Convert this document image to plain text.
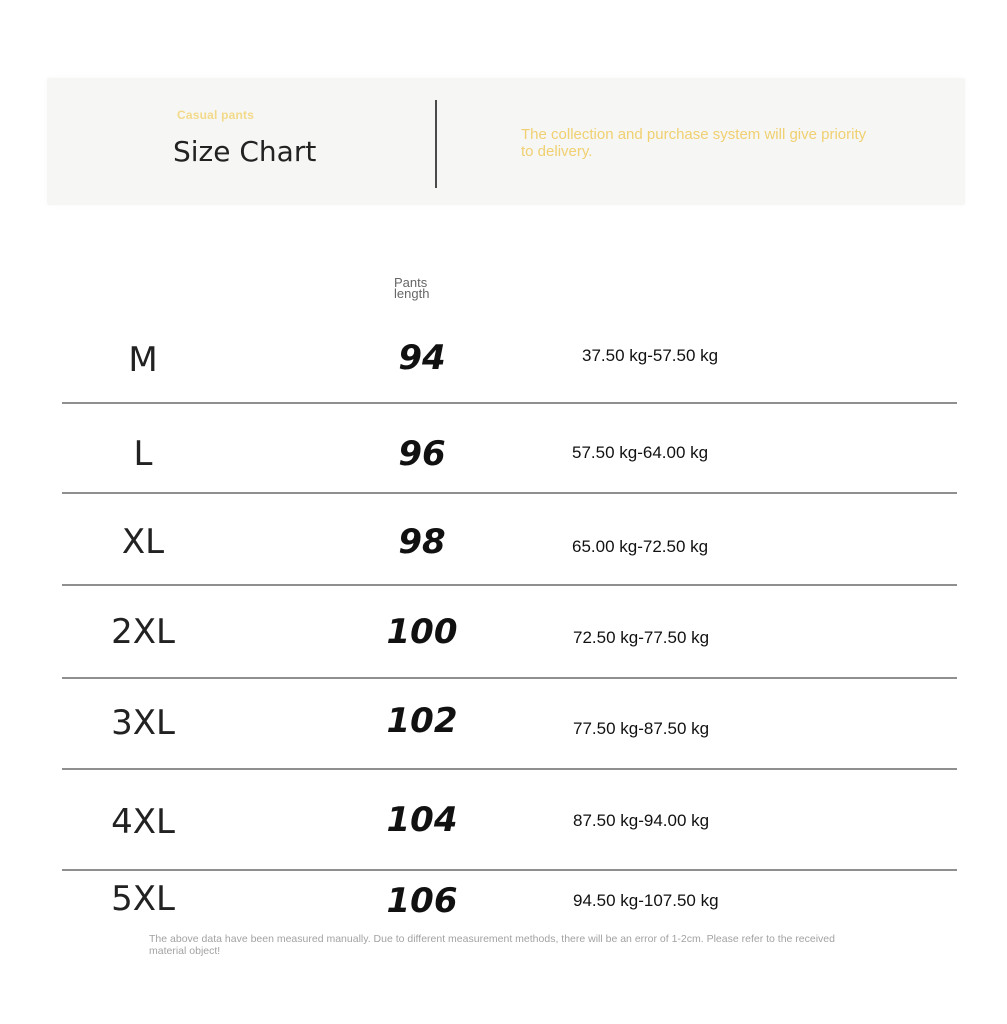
Casual pants
Size Chart
The collection and purchase system will give priority to delivery.
Pants length
M	94	37.50 kg-57.50 kg
L	96	57.50 kg-64.00 kg
XL	98	65.00 kg-72.50 kg
2XL	100	72.50 kg-77.50 kg
3XL	102	77.50 kg-87.50 kg
4XL	104	87.50 kg-94.00 kg
5XL	106	94.50 kg-107.50 kg
The above data have been measured manually. Due to different measurement methods, there will be an error of 1-2cm. Please refer to the received material object!
